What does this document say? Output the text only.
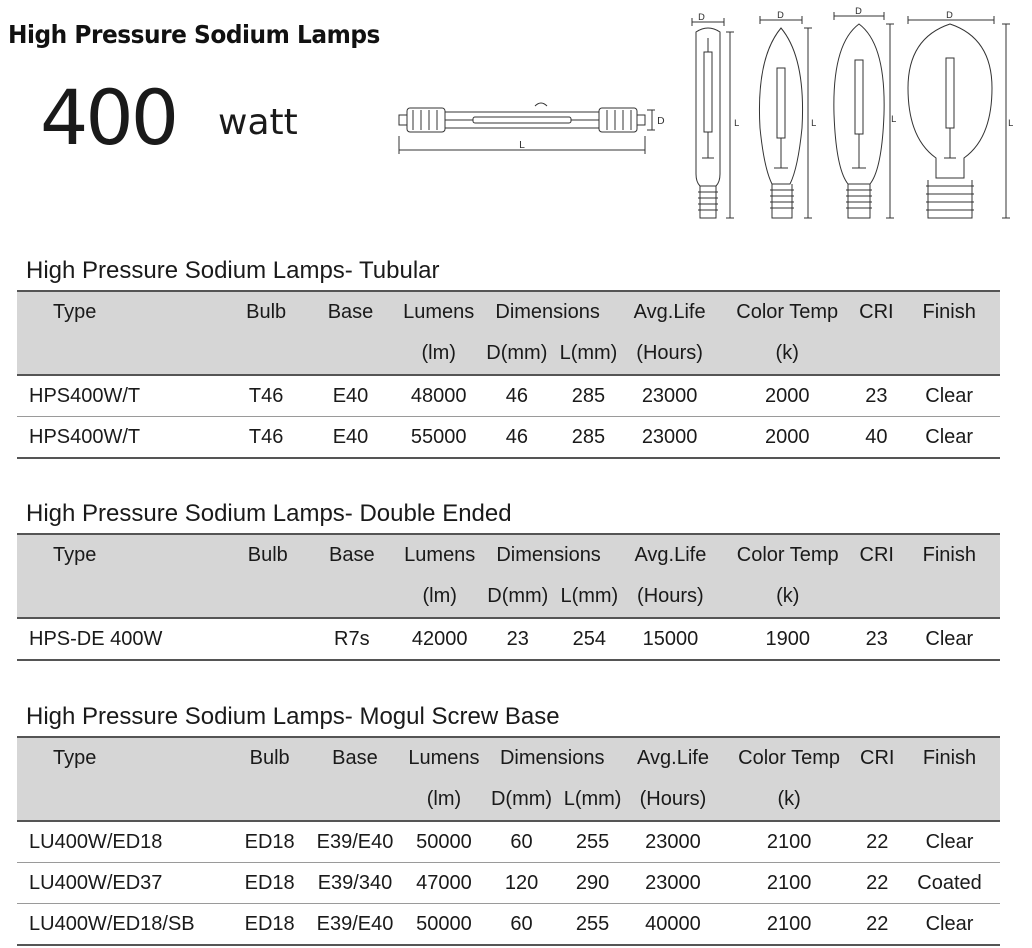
High Pressure Sodium Lamps
400 watt	D
L
D
L
D
L
D
L
D
L
High Pressure Sodium Lamps- Tubular
Type	Bulb	Base	Lumens	Dimensions		Avg.Life	Color Temp	CRI	Finish
			(lm)	D(mm)	L(mm)	(Hours)	(k)		
HPS400W/T	T46	E40	48000	46	285	23000	2000	23	Clear
HPS400W/T	T46	E40	55000	46	285	23000	2000	40	Clear
High Pressure Sodium Lamps- Double Ended
Type	Bulb	Base	Lumens	Dimensions		Avg.Life	Color Temp	CRI	Finish
			(lm)	D(mm)	L(mm)	(Hours)	(k)		
HPS-DE 400W		R7s	42000	23	254	15000	1900	23	Clear
High Pressure Sodium Lamps- Mogul Screw Base
Type	Bulb	Base	Lumens	Dimensions		Avg.Life	Color Temp	CRI	Finish
			(lm)	D(mm)	L(mm)	(Hours)	(k)		
LU400W/ED18	ED18	E39/E40	50000	60	255	23000	2100	22	Clear
LU400W/ED37	ED18	E39/340	47000	120	290	23000	2100	22	Coated
LU400W/ED18/SB	ED18	E39/E40	50000	60	255	40000	2100	22	Clear
